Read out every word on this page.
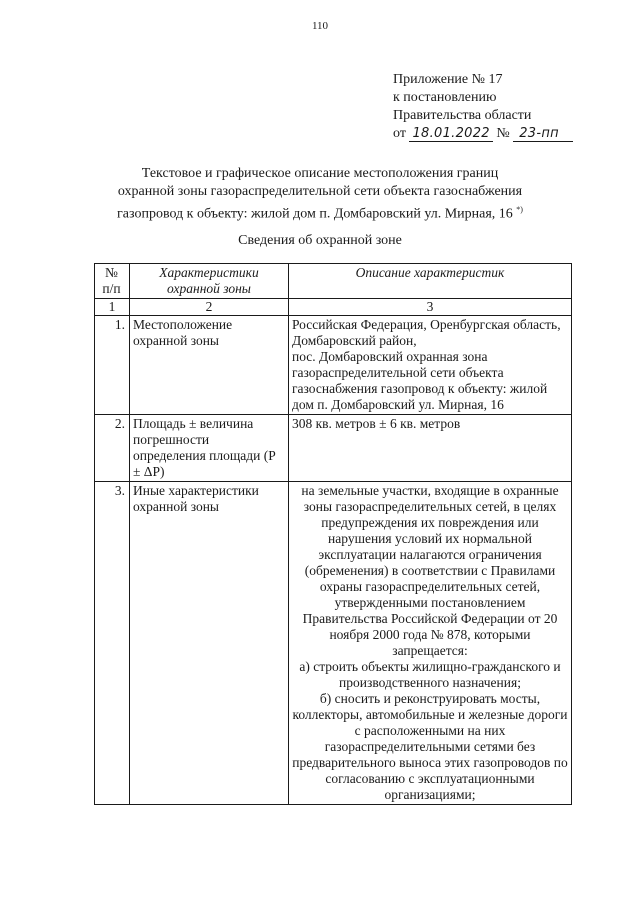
110
Приложение № 17
к постановлению
Правительства области
от 18.01.2022 № 23-пп
Текстовое и графическое описание местоположения границ
охранной зоны газораспределительной сети объекта газоснабжения
газопровод к объекту: жилой дом п. Домбаровский ул. Мирная, 16 *)
Сведения об охранной зоне
№ п/п	Характеристики охранной зоны	Описание характеристик
1	2	3
1.	Местоположение охранной зоны	Российская Федерация, Оренбургская область, Домбаровский район,
пос. Домбаровский охранная зона газораспределительной сети объекта газоснабжения газопровод к объекту: жилой дом п. Домбаровский ул. Мирная, 16

2.	Площадь ± величина погрешности определения площади (P ± ΔP)	308 кв. метров ± 6 кв. метров

3.	Иные характеристики охранной зоны	на земельные участки, входящие в охранные зоны газораспределительных сетей, в целях предупреждения их повреждения или нарушения условий их нормальной эксплуатации налагаются ограничения (обременения) в соответствии с Правилами охраны газораспределительных сетей, утвержденными постановлением Правительства Российской Федерации от 20 ноября 2000 года № 878, которыми запрещается:
а) строить объекты жилищно-гражданского и производственного назначения;
б) сносить и реконструировать мосты, коллекторы, автомобильные и железные дороги с расположенными на них газораспределительными сетями без предварительного выноса этих газопроводов по согласованию с эксплуатационными организациями;
